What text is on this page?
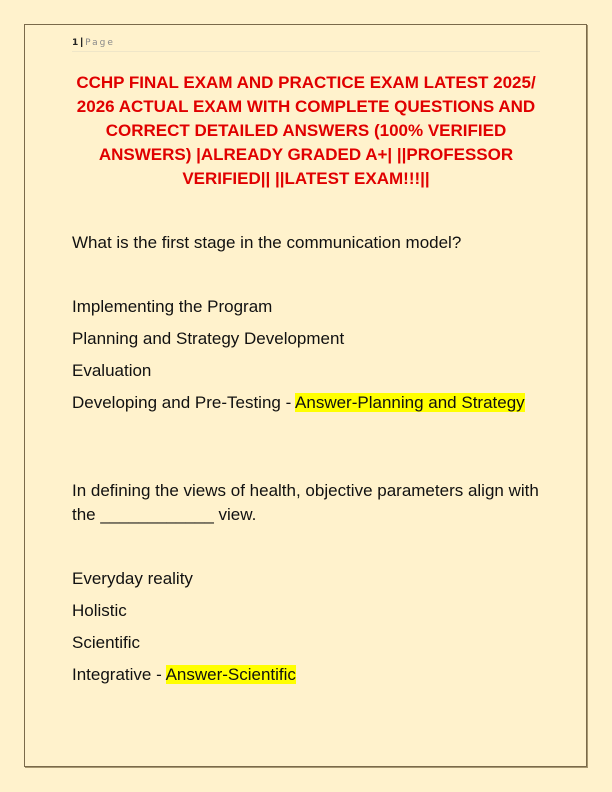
1 | Page
CCHP FINAL EXAM AND PRACTICE EXAM LATEST 2025/ 2026 ACTUAL EXAM WITH COMPLETE QUESTIONS AND CORRECT DETAILED ANSWERS (100% VERIFIED ANSWERS) |ALREADY GRADED A+| ||PROFESSOR VERIFIED|| ||LATEST EXAM!!!||
What is the first stage in the communication model?
Implementing the Program
Planning and Strategy Development
Evaluation
Developing and Pre-Testing - Answer-Planning and Strategy
In defining the views of health, objective parameters align with the ____________ view.
Everyday reality
Holistic
Scientific
Integrative - Answer-Scientific
